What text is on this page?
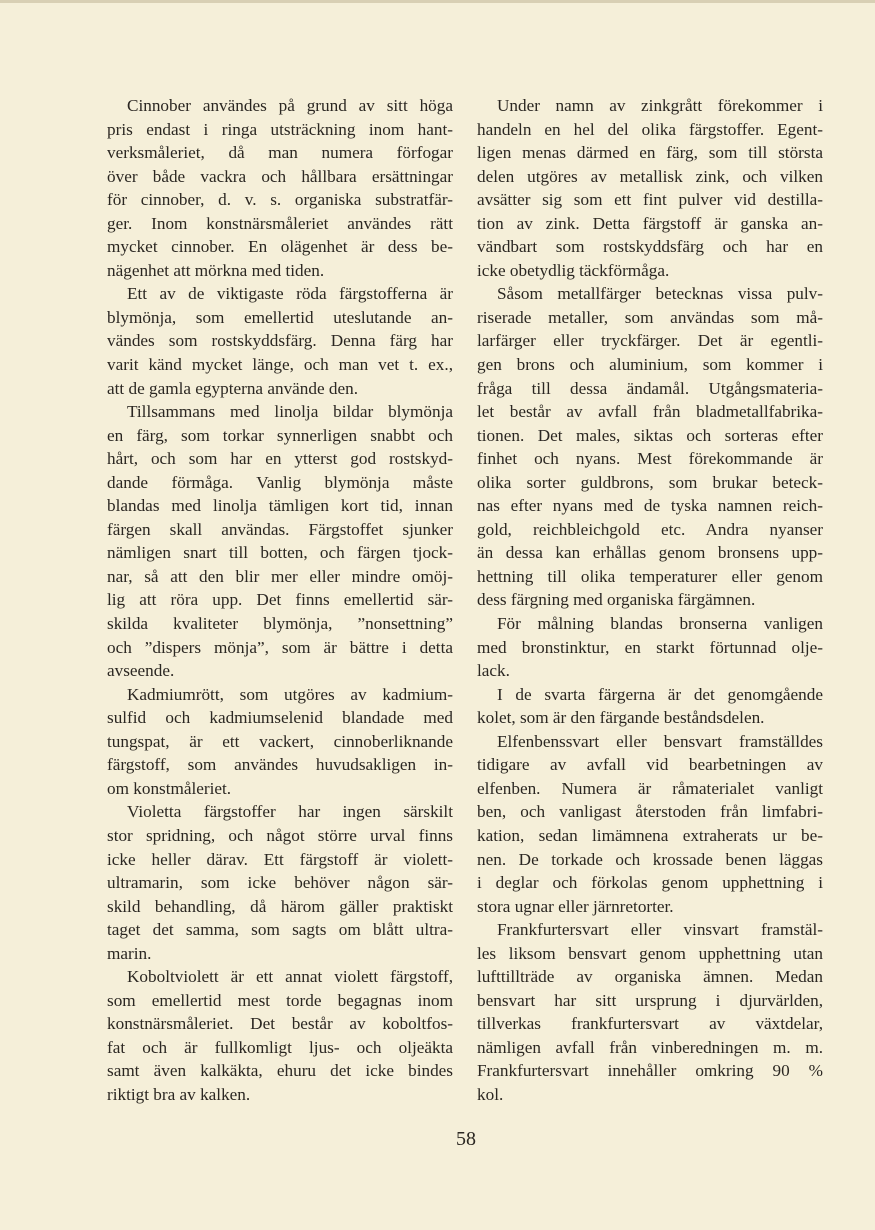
Cinnober användes på grund av sitt höga
pris endast i ringa utsträckning inom hant-
verksmåleriet, då man numera förfogar
över både vackra och hållbara ersättningar
för cinnober, d. v. s. organiska substratfär-
ger. Inom konstnärsmåleriet användes rätt
mycket cinnober. En olägenhet är dess be-
nägenhet att mörkna med tiden.
Ett av de viktigaste röda färgstofferna är
blymönja, som emellertid uteslutande an-
vändes som rostskyddsfärg. Denna färg har
varit känd mycket länge, och man vet t. ex.,
att de gamla egypterna använde den.
Tillsammans med linolja bildar blymönja
en färg, som torkar synnerligen snabbt och
hårt, och som har en ytterst god rostskyd-
dande förmåga. Vanlig blymönja måste
blandas med linolja tämligen kort tid, innan
färgen skall användas. Färgstoffet sjunker
nämligen snart till botten, och färgen tjock-
nar, så att den blir mer eller mindre omöj-
lig att röra upp. Det finns emellertid sär-
skilda kvaliteter blymönja, ”nonsettning”
och ”dispers mönja”, som är bättre i detta
avseende.
Kadmiumrött, som utgöres av kadmium-
sulfid och kadmiumselenid blandade med
tungspat, är ett vackert, cinnoberliknande
färgstoff, som användes huvudsakligen in-
om konstmåleriet.
Violetta färgstoffer har ingen särskilt
stor spridning, och något större urval finns
icke heller därav. Ett färgstoff är violett-
ultramarin, som icke behöver någon sär-
skild behandling, då härom gäller praktiskt
taget det samma, som sagts om blått ultra-
marin.
Koboltviolett är ett annat violett färgstoff,
som emellertid mest torde begagnas inom
konstnärsmåleriet. Det består av koboltfos-
fat och är fullkomligt ljus- och oljeäkta
samt även kalkäkta, ehuru det icke bindes
riktigt bra av kalken.
Under namn av zinkgrått förekommer i
handeln en hel del olika färgstoffer. Egent-
ligen menas därmed en färg, som till största
delen utgöres av metallisk zink, och vilken
avsätter sig som ett fint pulver vid destilla-
tion av zink. Detta färgstoff är ganska an-
vändbart som rostskyddsfärg och har en
icke obetydlig täckförmåga.
Såsom metallfärger betecknas vissa pulv-
riserade metaller, som användas som må-
larfärger eller tryckfärger. Det är egentli-
gen brons och aluminium, som kommer i
fråga till dessa ändamål. Utgångsmateria-
let består av avfall från bladmetallfabrika-
tionen. Det males, siktas och sorteras efter
finhet och nyans. Mest förekommande är
olika sorter guldbrons, som brukar beteck-
nas efter nyans med de tyska namnen reich-
gold, reichbleichgold etc. Andra nyanser
än dessa kan erhållas genom bronsens upp-
hettning till olika temperaturer eller genom
dess färgning med organiska färgämnen.
För målning blandas bronserna vanligen
med bronstinktur, en starkt förtunnad olje-
lack.
I de svarta färgerna är det genomgående
kolet, som är den färgande beståndsdelen.
Elfenbenssvart eller bensvart framställdes
tidigare av avfall vid bearbetningen av
elfenben. Numera är råmaterialet vanligt
ben, och vanligast återstoden från limfabri-
kation, sedan limämnena extraherats ur be-
nen. De torkade och krossade benen läggas
i deglar och förkolas genom upphettning i
stora ugnar eller järnretorter.
Frankfurtersvart eller vinsvart framstäl-
les liksom bensvart genom upphettning utan
lufttillträde av organiska ämnen. Medan
bensvart har sitt ursprung i djurvärlden,
tillverkas frankfurtersvart av växtdelar,
nämligen avfall från vinberedningen m. m.
Frankfurtersvart innehåller omkring 90 %
kol.
58
